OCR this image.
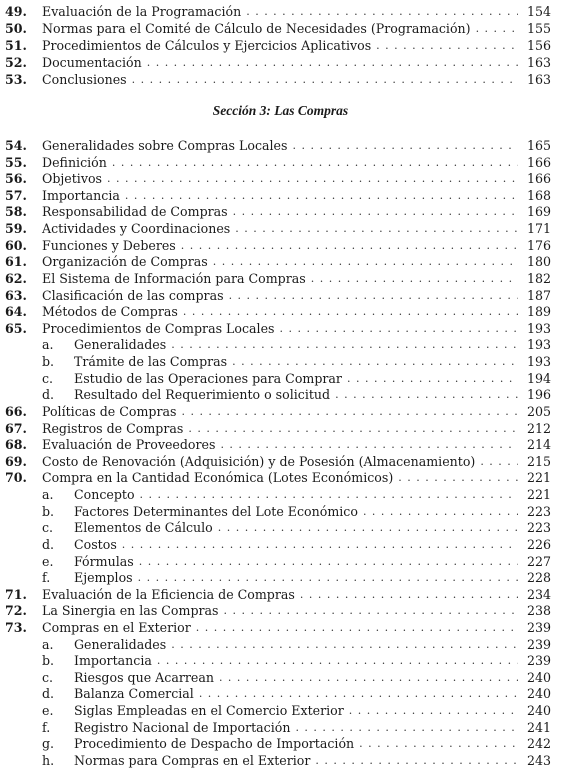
49.	Evaluación de la Programación . . .	154
50.	Normas para el Comité de Cálculo de Necesidades (Programación) . . .	155
51.	Procedimientos de Cálculos y Ejercicios Aplicativos . . .	156
52.	Documentación . . .	163
53.	Conclusiones . . .	163
Sección 3: Las Compras
54.	Generalidades sobre Compras Locales . . .	165
55.	Definición . . .	166
56.	Objetivos . . .	166
57.	Importancia . . .	168
58.	Responsabilidad de Compras . . .	169
59.	Actividades y Coordinaciones . . .	171
60.	Funciones y Deberes . . .	176
61.	Organización de Compras . . .	180
62.	El Sistema de Información para Compras . . .	182
63.	Clasificación de las compras . . .	187
64.	Métodos de Compras . . .	189
65.	Procedimientos de Compras Locales . . .	193
a.	Generalidades . . .	193
b.	Trámite de las Compras . . .	193
c.	Estudio de las Operaciones para Comprar . . .	194
d.	Resultado del Requerimiento o solicitud . . .	196
66.	Políticas de Compras . . .	205
67.	Registros de Compras . . .	212
68.	Evaluación de Proveedores . . .	214
69.	Costo de Renovación (Adquisición) y de Posesión (Almacenamiento) . . .	215
70.	Compra en la Cantidad Económica (Lotes Económicos) . . .	221
a.	Concepto . . .	221
b.	Factores Determinantes del Lote Económico . . .	223
c.	Elementos de Cálculo . . .	223
d.	Costos . . .	226
e.	Fórmulas . . .	227
f.	Ejemplos . . .	228
71.	Evaluación de la Eficiencia de Compras . . .	234
72.	La Sinergia en las Compras . . .	238
73.	Compras en el Exterior . . .	239
a.	Generalidades . . .	239
b.	Importancia . . .	239
c.	Riesgos que Acarrean . . .	240
d.	Balanza Comercial . . .	240
e.	Siglas Empleadas en el Comercio Exterior . . .	240
f.	Registro Nacional de Importación . . .	241
g.	Procedimiento de Despacho de Importación . . .	242
h.	Normas para Compras en el Exterior . . .	243
